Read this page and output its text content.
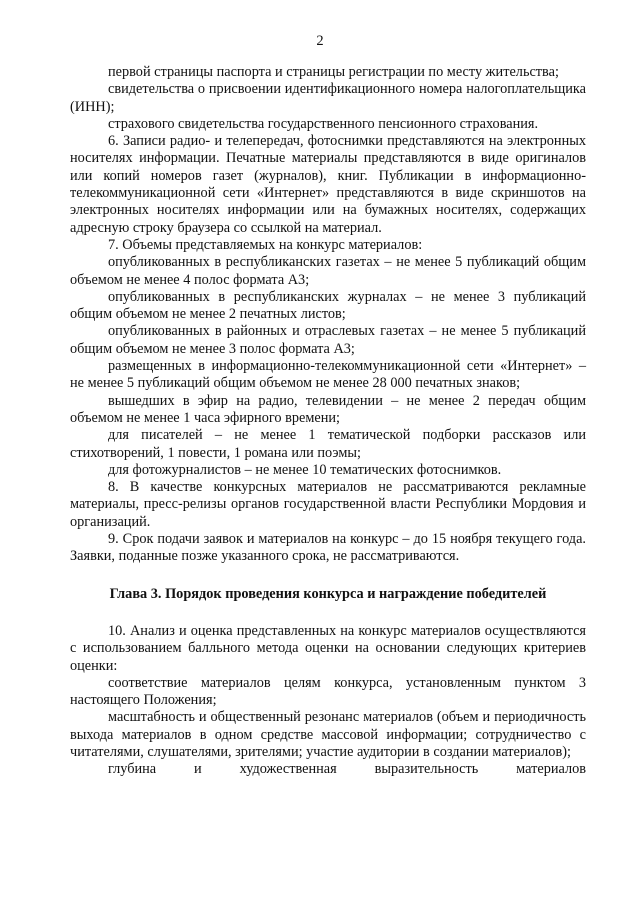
2

первой страницы паспорта и страницы регистрации по месту жительства;

свидетельства о присвоении идентификационного номера налогоплательщика (ИНН);

страхового свидетельства государственного пенсионного страхования.

6. Записи радио- и телепередач, фотоснимки представляются на электронных носителях информации. Печатные материалы представляются в виде оригиналов или копий номеров газет (журналов), книг. Публикации в информационно-телекоммуникационной сети «Интернет» представляются в виде скриншотов на электронных носителях информации или на бумажных носителях, содержащих адресную строку браузера со ссылкой на материал.

7. Объемы представляемых на конкурс материалов:

опубликованных в республиканских газетах – не менее 5 публикаций общим объемом не менее 4 полос формата А3;

опубликованных в республиканских журналах – не менее 3 публикаций общим объемом не менее 2 печатных листов;

опубликованных в районных и отраслевых газетах – не менее 5 публикаций общим объемом не менее 3 полос формата А3;

размещенных в информационно-телекоммуникационной сети «Интернет» – не менее 5 публикаций общим объемом не менее 28 000 печатных знаков;

вышедших в эфир на радио, телевидении – не менее 2 передач общим объемом не менее 1 часа эфирного времени;

для писателей – не менее 1 тематической подборки рассказов или стихотворений, 1 повести, 1 романа или поэмы;

для фотожурналистов – не менее 10 тематических фотоснимков.

8. В качестве конкурсных материалов не рассматриваются рекламные материалы, пресс-релизы органов государственной власти Республики Мордовия и организаций.

9. Срок подачи заявок и материалов на конкурс – до 15 ноября текущего года. Заявки, поданные позже указанного срока, не рассматриваются.

Глава 3. Порядок проведения конкурса и награждение победителей

10. Анализ и оценка представленных на конкурс материалов осуществляются с использованием балльного метода оценки на основании следующих критериев оценки:

соответствие материалов целям конкурса, установленным пунктом 3 настоящего Положения;

масштабность и общественный резонанс материалов (объем и периодичность выхода материалов в одном средстве массовой информации; сотрудничество с читателями, слушателями, зрителями; участие аудитории в создании материалов);

глубина и художественная выразительность материалов
